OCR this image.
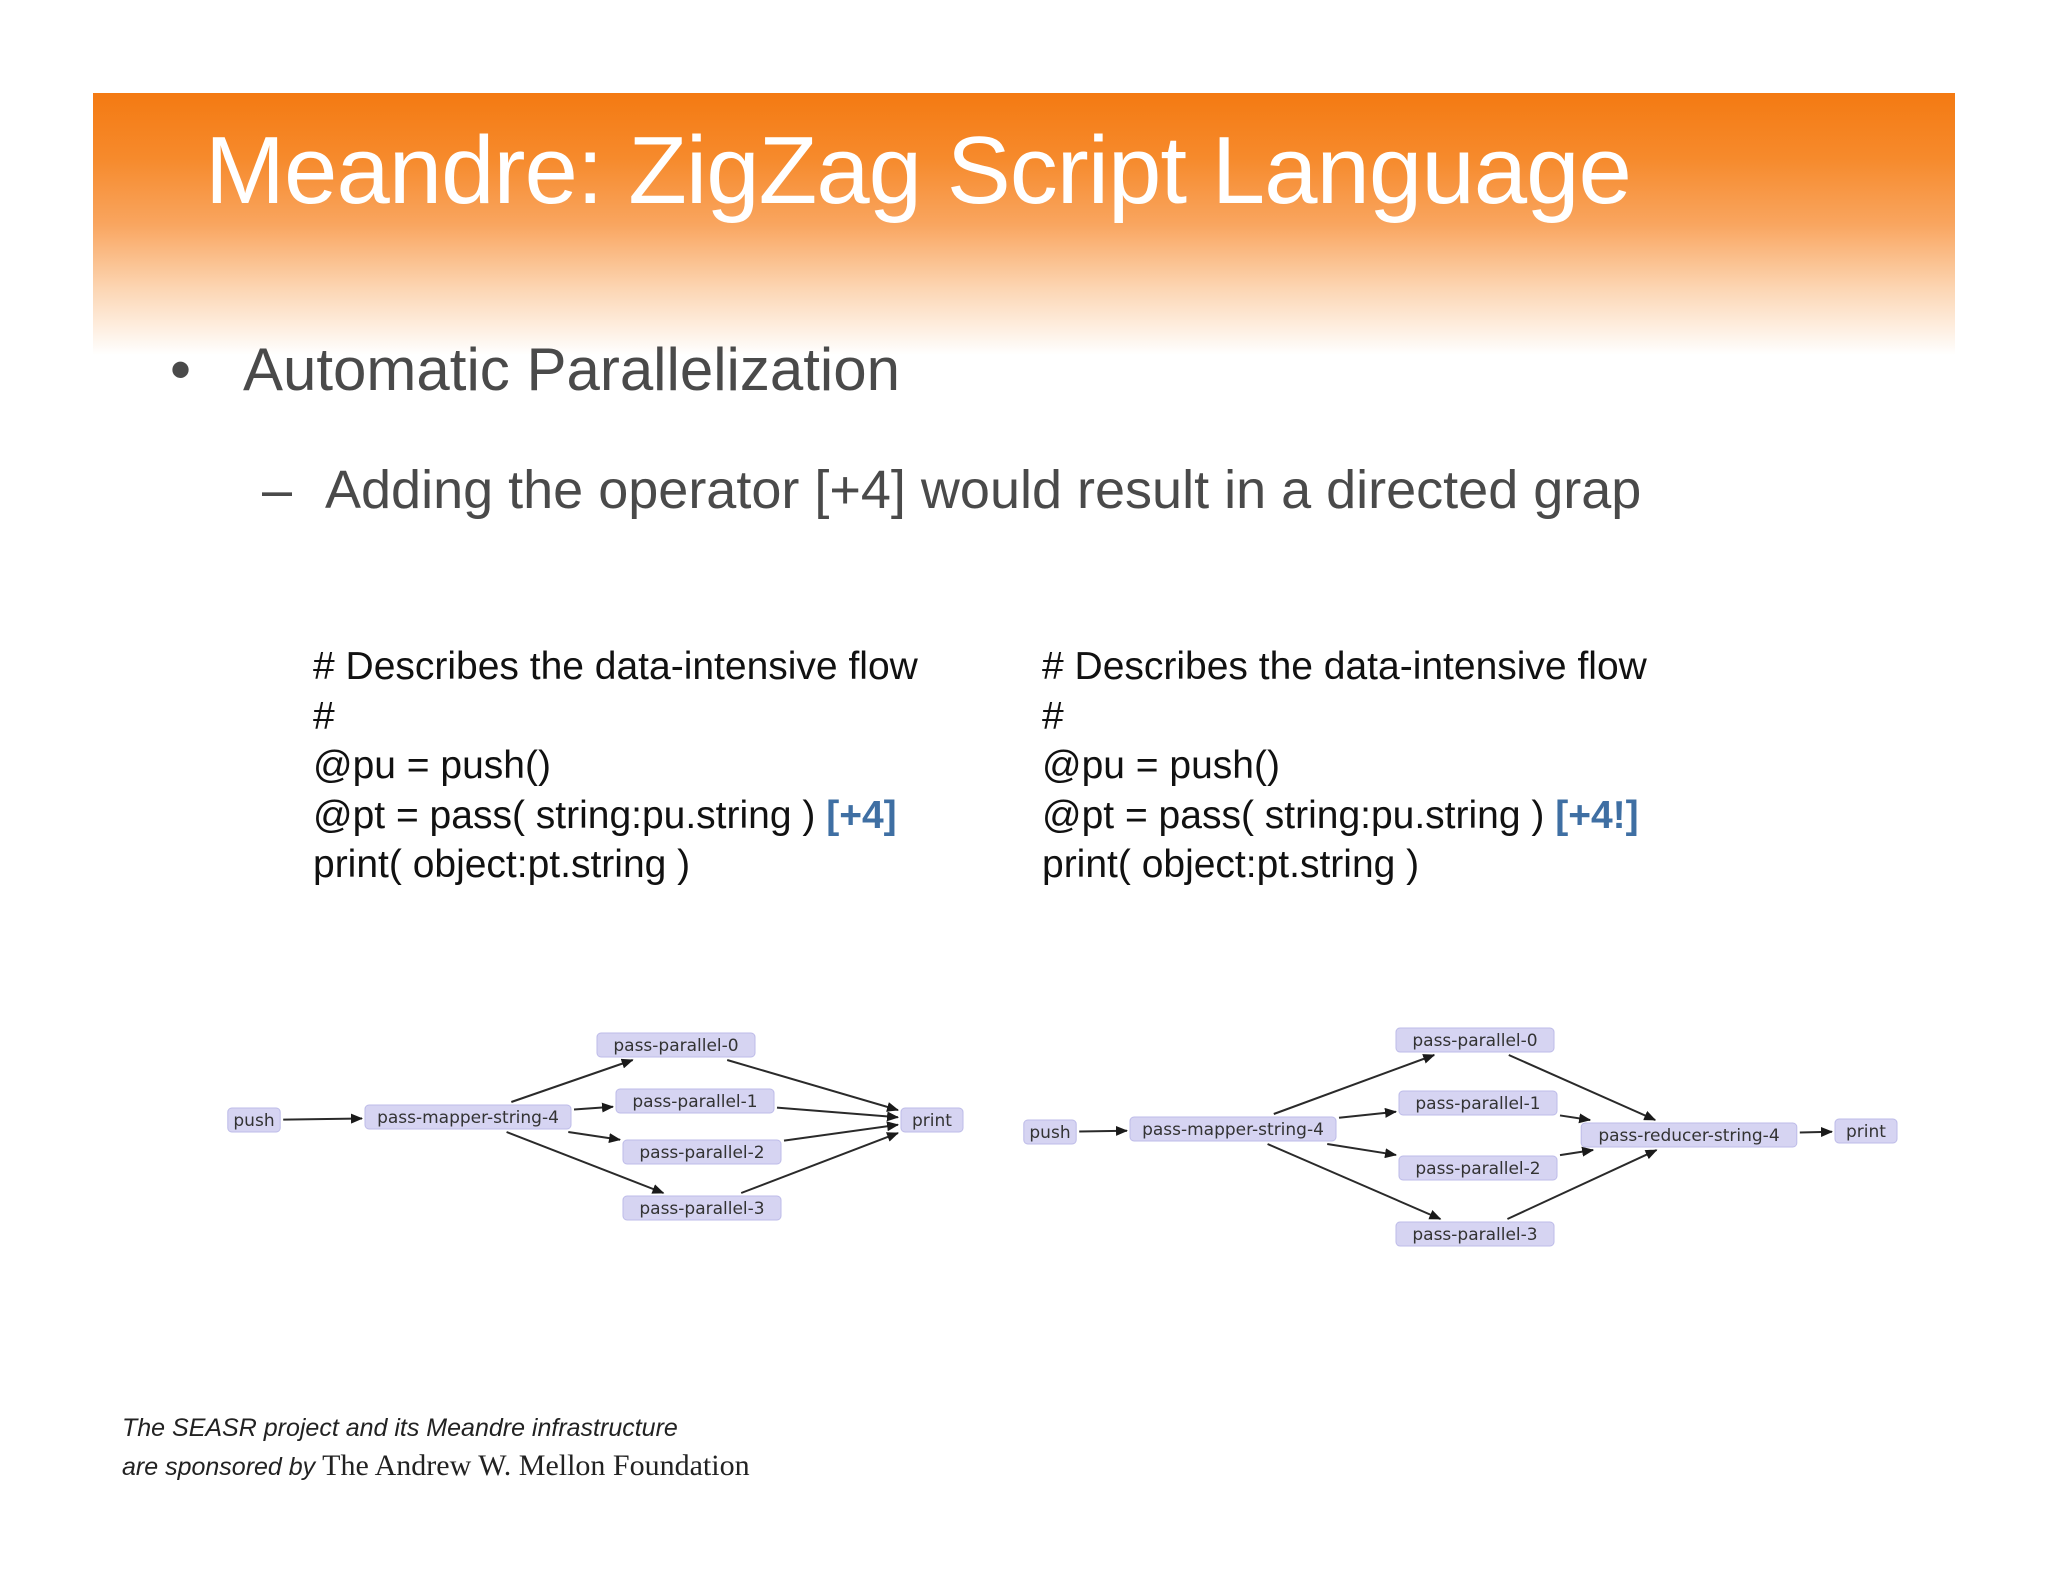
Meandre: ZigZag Script Language
• Automatic Parallelization
– Adding the operator [+4] would result in a directed grap
# Describes the data-intensive flow
#
@pu = push()
@pt = pass( string:pu.string ) [+4]
print( object:pt.string )
# Describes the data-intensive flow
#
@pu = push()
@pt = pass( string:pu.string ) [+4!]
print( object:pt.string )
push	pass-mapper-string-4
pass-parallel-0
pass-parallel-1
pass-parallel-2
pass-parallel-3
print
push	pass-mapper-string-4
pass-parallel-0
pass-parallel-1
pass-parallel-2
pass-parallel-3
pass-reducer-string-4	print
The SEASR project and its Meandre infrastructure
are sponsored by The Andrew W. Mellon Foundation
